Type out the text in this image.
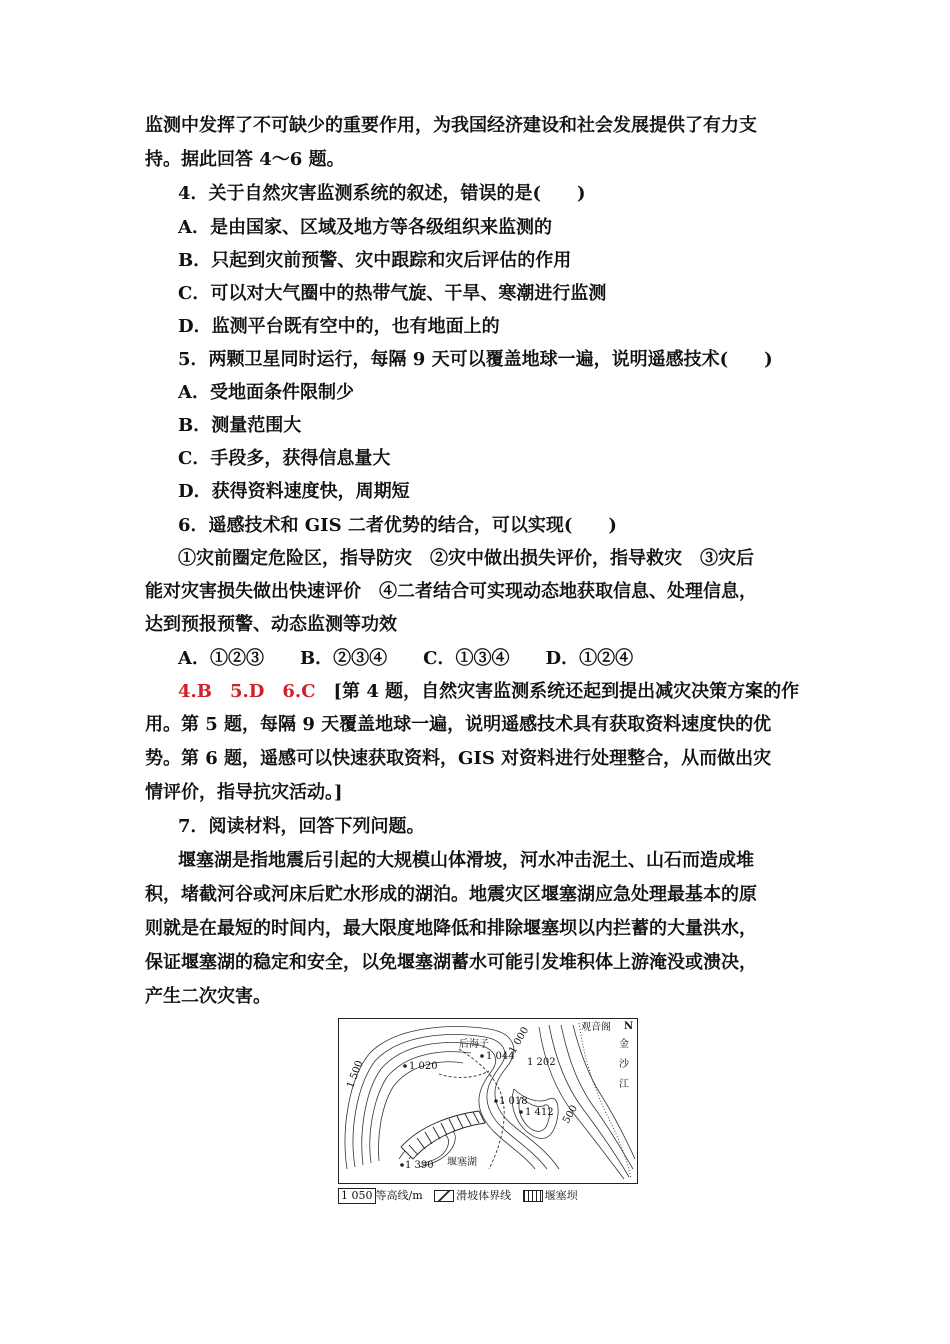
监测中发挥了不可缺少的重要作用，为我国经济建设和社会发展提供了有力支
持。据此回答 4～6 题。
4．关于自然灾害监测系统的叙述，错误的是(　　)
A．是由国家、区域及地方等各级组织来监测的
B．只起到灾前预警、灾中跟踪和灾后评估的作用
C．可以对大气圈中的热带气旋、干旱、寒潮进行监测
D．监测平台既有空中的，也有地面上的
5．两颗卫星同时运行，每隔 9 天可以覆盖地球一遍，说明遥感技术(　　)
A．受地面条件限制少
B．测量范围大
C．手段多，获得信息量大
D．获得资料速度快，周期短
6．遥感技术和 GIS 二者优势的结合，可以实现(　　)
①灾前圈定危险区，指导防灾　②灾中做出损失评价，指导救灾　③灾后
能对灾害损失做出快速评价　④二者结合可实现动态地获取信息、处理信息，
达到预报预警、动态监测等功效
A．①②③　　B．②③④　　C．①③④　　D．①②④
4.B　5.D　6.C　[第 4 题，自然灾害监测系统还起到提出减灾决策方案的作
用。第 5 题，每隔 9 天覆盖地球一遍，说明遥感技术具有获取资料速度快的优
势。第 6 题，遥感可以快速获取资料，GIS 对资料进行处理整合，从而做出灾
情评价，指导抗灾活动。]
7．阅读材料，回答下列问题。
堰塞湖是指地震后引起的大规模山体滑坡，河水冲击泥土、山石而造成堆
积，堵截河谷或河床后贮水形成的湖泊。地震灾区堰塞湖应急处理最基本的原
则就是在最短的时间内，最大限度地降低和排除堰塞坝以内拦蓄的大量洪水，
保证堰塞湖的稳定和安全，以免堰塞湖蓄水可能引发堆积体上游淹没或溃决，
产生二次灾害。
观音阁 N
金
沙
江
后海子
1 044
1 000
1 202
1 500	1 020
1 018
1 412 500
1 390 堰塞湖
1 050 等高线/m	滑坡体界线	堰塞坝
